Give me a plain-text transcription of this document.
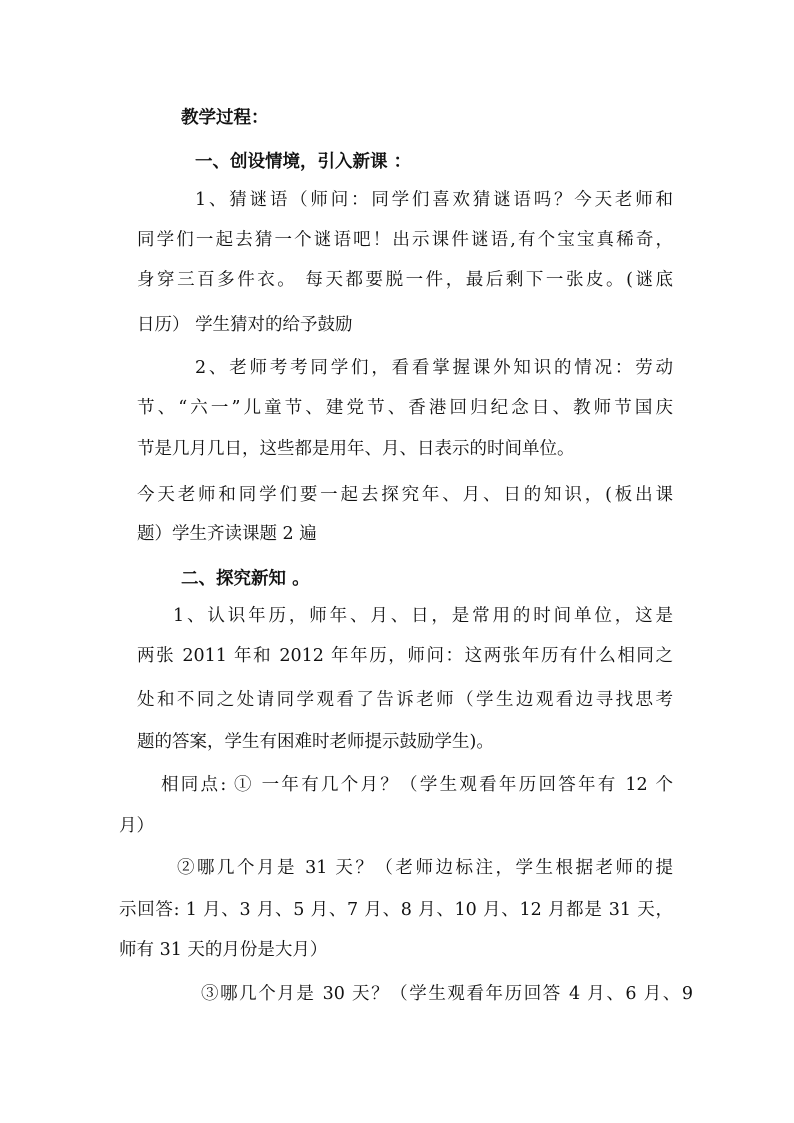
教学过程：
一、创设情境，引入新课 ：
1、猜谜语（师问：同学们喜欢猜谜语吗？今天老师和
同学们一起去猜一个谜语吧！出示课件谜语,有个宝宝真稀奇，
身穿三百多件衣。 每天都要脱一件，最后剩下一张皮。(谜底
日历） 学生猜对的给予鼓励
2、老师考考同学们，看看掌握课外知识的情况：劳动
节、“六一”儿童节、建党节、香港回归纪念日、教师节国庆
节是几月几日，这些都是用年、月、日表示的时间单位。
今天老师和同学们要一起去探究年、月、日的知识，(板出课
题）学生齐读课题 2 遍
二、探究新知 。
1、认识年历，师年、月、日，是常用的时间单位，这是
两张 2011 年和 2012 年年历，师问：这两张年历有什么相同之
处和不同之处请同学观看了告诉老师（学生边观看边寻找思考
题的答案，学生有困难时老师提示鼓励学生)。
相同点: ① 一年有几个月？（学生观看年历回答年有 12 个
月）
②哪几个月是 31 天？（老师边标注，学生根据老师的提
示回答: 1 月、3 月、5 月、7 月、8 月、10 月、12 月都是 31 天，
师有 31 天的月份是大月）
③哪几个月是 30 天？（学生观看年历回答 4 月、6 月、9
